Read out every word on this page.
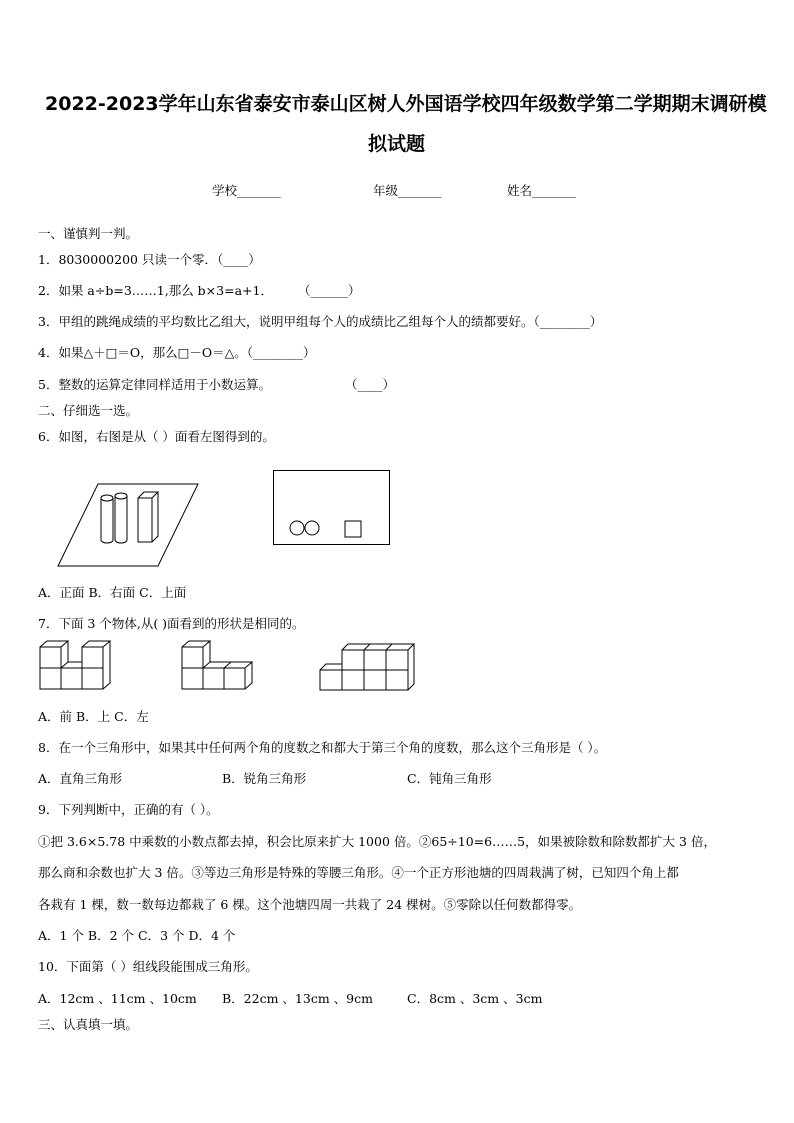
2022-2023学年山东省泰安市泰山区树人外国语学校四年级数学第二学期期末调研模
拟试题
学校_______	年级_______	姓名_______
一、谨慎判一判。
1．8030000200 只读一个零．（____）
2．如果 a÷b=3……1,那么 b×3=a+1． （______）
3．甲组的跳绳成绩的平均数比乙组大，说明甲组每个人的成绩比乙组每个人的绩都要好。（________）
4．如果△＋□＝O，那么□－O＝△。（________）
5．整数的运算定律同样适用于小数运算。	（____）
二、仔细选一选。
6．如图，右图是从（ ）面看左图得到的。
A．正面 B．右面 C．上面
7．下面 3 个物体,从( )面看到的形状是相同的。
A．前 B．上 C．左
8．在一个三角形中，如果其中任何两个角的度数之和都大于第三个角的度数，那么这个三角形是（ ）。
A．直角三角形	B．锐角三角形	C．钝角三角形
9．下列判断中，正确的有（ ）。
①把 3.6×5.78 中乘数的小数点都去掉，积会比原来扩大 1000 倍。②65÷10=6……5，如果被除数和除数都扩大 3 倍，
那么商和余数也扩大 3 倍。③等边三角形是特殊的等腰三角形。④一个正方形池塘的四周栽满了树，已知四个角上都
各栽有 1 棵，数一数每边都栽了 6 棵。这个池塘四周一共栽了 24 棵树。⑤零除以任何数都得零。
A．1 个 B．2 个 C．3 个 D．4 个
10．下面第（ ）组线段能围成三角形。
A．12cm 、11cm 、10cm B．22cm 、13cm 、9cm	C．8cm 、3cm 、3cm
三、认真填一填。
